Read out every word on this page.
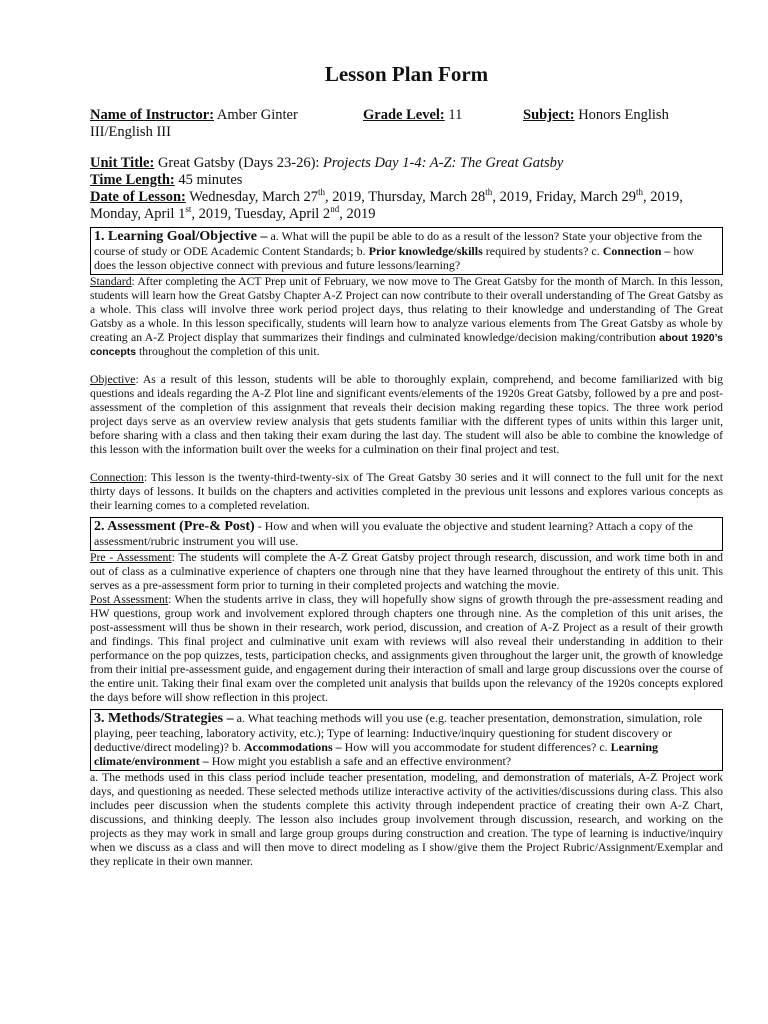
Lesson Plan Form
Name of Instructor: Amber Ginter	Grade Level: 11	Subject: Honors English
III/English III
Unit Title: Great Gatsby (Days 23-26): Projects Day 1-4: A-Z: The Great Gatsby
Time Length: 45 minutes
Date of Lesson: Wednesday, March 27th, 2019, Thursday, March 28th, 2019, Friday, March 29th, 2019,
Monday, April 1st, 2019, Tuesday, April 2nd, 2019
1. Learning Goal/Objective – a. What will the pupil be able to do as a result of the lesson? State your objective from the course of study or ODE Academic Content Standards; b. Prior knowledge/skills required by students? c. Connection – how does the lesson objective connect with previous and future lessons/learning?

Standard: After completing the ACT Prep unit of February, we now move to The Great Gatsby for the month of March. In this lesson, students will learn how the Great Gatsby Chapter A-Z Project can now contribute to their overall understanding of The Great Gatsby as a whole. This class will involve three work period project days, thus relating to their knowledge and understanding of The Great Gatsby as a whole. In this lesson specifically, students will learn how to analyze various elements from The Great Gatsby as whole by creating an A-Z Project display that summarizes their findings and culminated knowledge/decision making/contribution about 1920’s concepts throughout the completion of this unit.

Objective: As a result of this lesson, students will be able to thoroughly explain, comprehend, and become familiarized with big questions and ideals regarding the A-Z Plot line and significant events/elements of the 1920s Great Gatsby, followed by a pre and post-assessment of the completion of this assignment that reveals their decision making regarding these topics. The three work period project days serve as an overview review analysis that gets students familiar with the different types of units within this larger unit, before sharing with a class and then taking their exam during the last day. The student will also be able to combine the knowledge of this lesson with the information built over the weeks for a culmination on their final project and test.

Connection: This lesson is the twenty-third-twenty-six of The Great Gatsby 30 series and it will connect to the full unit for the next thirty days of lessons. It builds on the chapters and activities completed in the previous unit lessons and explores various concepts as their learning comes to a completed revelation.

2. Assessment (Pre-& Post) - How and when will you evaluate the objective and student learning? Attach a copy of the assessment/rubric instrument you will use.

Pre - Assessment: The students will complete the A-Z Great Gatsby project through research, discussion, and work time both in and out of class as a culminative experience of chapters one through nine that they have learned throughout the entirety of this unit. This serves as a pre-assessment form prior to turning in their completed projects and watching the movie.

Post Assessment: When the students arrive in class, they will hopefully show signs of growth through the pre-assessment reading and HW questions, group work and involvement explored through chapters one through nine. As the completion of this unit arises, the post-assessment will thus be shown in their research, work period, discussion, and creation of A-Z Project as a result of their growth and findings. This final project and culminative unit exam with reviews will also reveal their understanding in addition to their performance on the pop quizzes, tests, participation checks, and assignments given throughout the larger unit, the growth of knowledge from their initial pre-assessment guide, and engagement during their interaction of small and large group discussions over the course of the entire unit. Taking their final exam over the completed unit analysis that builds upon the relevancy of the 1920s concepts explored the days before will show reflection in this project.

3. Methods/Strategies – a. What teaching methods will you use (e.g. teacher presentation, demonstration, simulation, role playing, peer teaching, laboratory activity, etc.); Type of learning: Inductive/inquiry questioning for student discovery or deductive/direct modeling)? b. Accommodations – How will you accommodate for student differences? c. Learning climate/environment – How might you establish a safe and an effective environment?

a. The methods used in this class period include teacher presentation, modeling, and demonstration of materials, A-Z Project work days, and questioning as needed. These selected methods utilize interactive activity of the activities/discussions during class. This also includes peer discussion when the students complete this activity through independent practice of creating their own A-Z Chart, discussions, and thinking deeply. The lesson also includes group involvement through discussion, research, and working on the projects as they may work in small and large group groups during construction and creation. The type of learning is inductive/inquiry when we discuss as a class and will then move to direct modeling as I show/give them the Project Rubric/Assignment/Exemplar and they replicate in their own manner.
